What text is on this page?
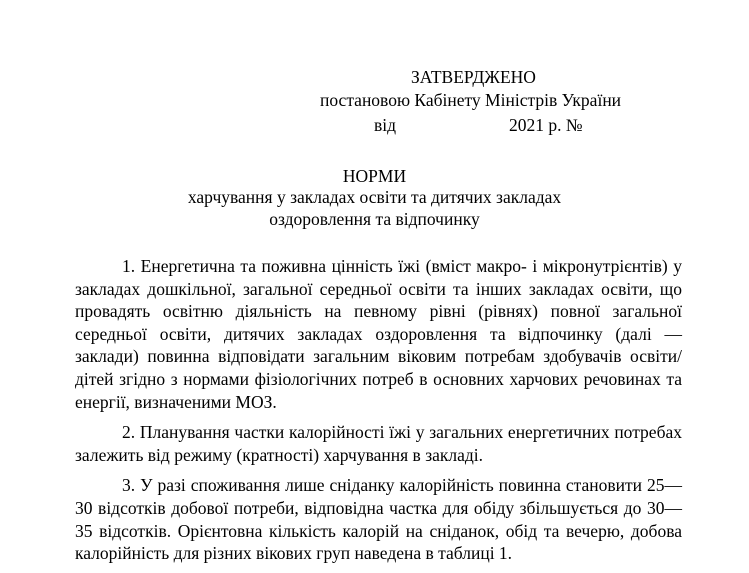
ЗАТВЕРДЖЕНО
постановою Кабінету Міністрів України
від	2021 р. №
НОРМИ
харчування у закладах освіти та дитячих закладах
оздоровлення та відпочинку

1. Енергетична та поживна цінність їжі (вміст макро- і мікронутрієнтів) у закладах дошкільної, загальної середньої освіти та інших закладах освіти, що провадять освітню діяльність на певному рівні (рівнях) повної загальної середньої освіти, дитячих закладах оздоровлення та відпочинку (далі — заклади) повинна відповідати загальним віковим потребам здобувачів освіти/дітей згідно з нормами фізіологічних потреб в основних харчових речовинах та енергії, визначеними МОЗ.

2. Планування частки калорійності їжі у загальних енергетичних потребах залежить від режиму (кратності) харчування в закладі.

3. У разі споживання лише сніданку калорійність повинна становити 25—30 відсотків добової потреби, відповідна частка для обіду збільшується до 30—35 відсотків. Орієнтовна кількість калорій на сніданок, обід та вечерю, добова калорійність для різних вікових груп наведена в таблиці 1.
